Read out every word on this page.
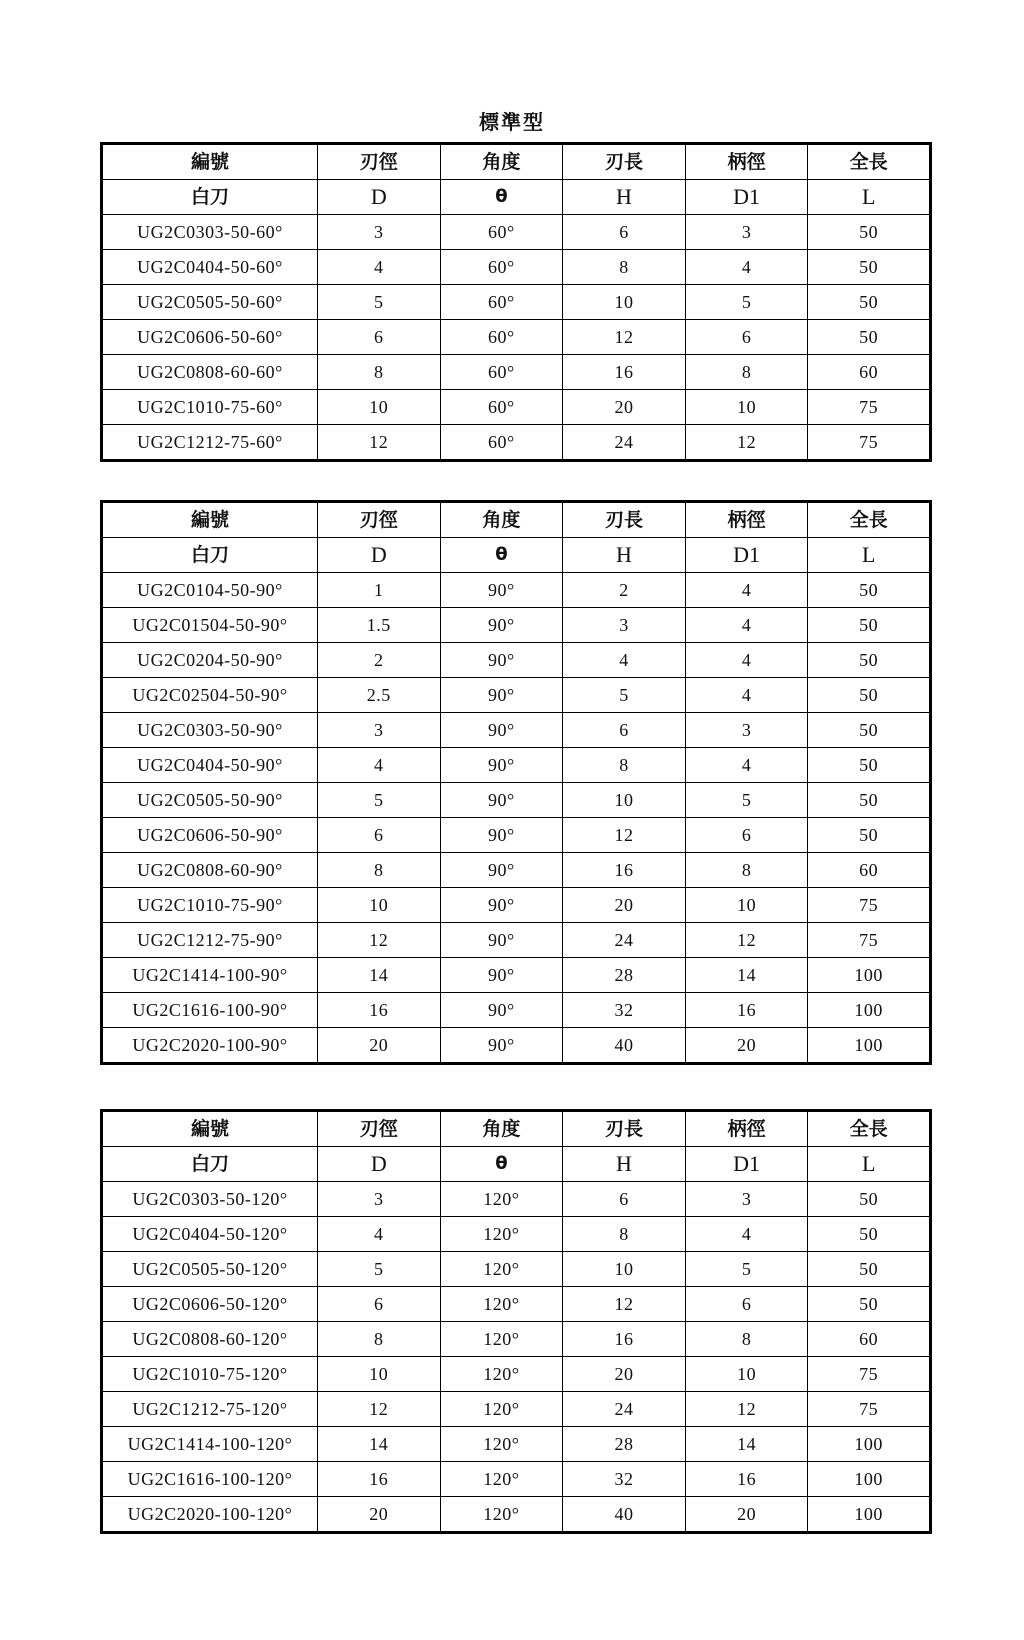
標準型
編號	刃徑	角度	刃長	柄徑	全長
白刀	D	θ	H	D1	L
UG2C0303-50-60°	3	60°	6	3	50
UG2C0404-50-60°	4	60°	8	4	50
UG2C0505-50-60°	5	60°	10	5	50
UG2C0606-50-60°	6	60°	12	6	50
UG2C0808-60-60°	8	60°	16	8	60
UG2C1010-75-60°	10	60°	20	10	75
UG2C1212-75-60°	12	60°	24	12	75
編號	刃徑	角度	刃長	柄徑	全長
白刀	D	θ	H	D1	L
UG2C0104-50-90°	1	90°	2	4	50
UG2C01504-50-90°	1.5	90°	3	4	50
UG2C0204-50-90°	2	90°	4	4	50
UG2C02504-50-90°	2.5	90°	5	4	50
UG2C0303-50-90°	3	90°	6	3	50
UG2C0404-50-90°	4	90°	8	4	50
UG2C0505-50-90°	5	90°	10	5	50
UG2C0606-50-90°	6	90°	12	6	50
UG2C0808-60-90°	8	90°	16	8	60
UG2C1010-75-90°	10	90°	20	10	75
UG2C1212-75-90°	12	90°	24	12	75
UG2C1414-100-90°	14	90°	28	14	100
UG2C1616-100-90°	16	90°	32	16	100
UG2C2020-100-90°	20	90°	40	20	100
編號	刃徑	角度	刃長	柄徑	全長
白刀	D	θ	H	D1	L
UG2C0303-50-120°	3	120°	6	3	50
UG2C0404-50-120°	4	120°	8	4	50
UG2C0505-50-120°	5	120°	10	5	50
UG2C0606-50-120°	6	120°	12	6	50
UG2C0808-60-120°	8	120°	16	8	60
UG2C1010-75-120°	10	120°	20	10	75
UG2C1212-75-120°	12	120°	24	12	75
UG2C1414-100-120°	14	120°	28	14	100
UG2C1616-100-120°	16	120°	32	16	100
UG2C2020-100-120°	20	120°	40	20	100
